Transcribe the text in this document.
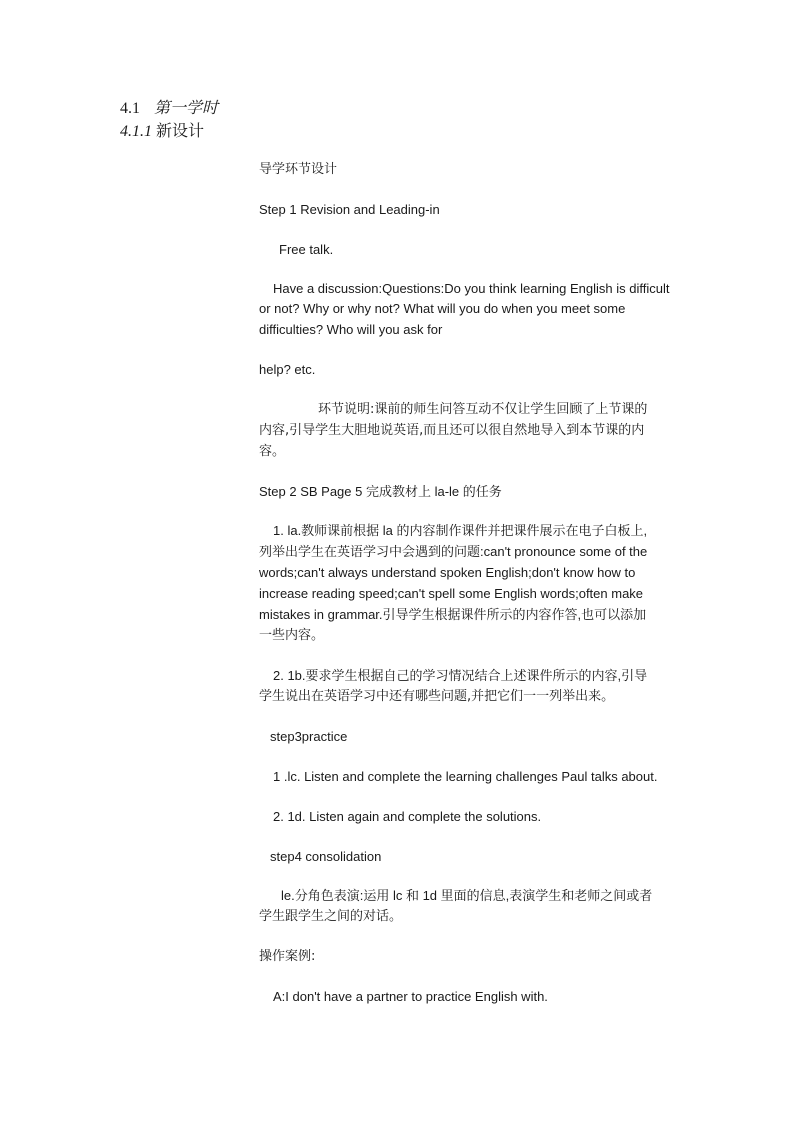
4.1 第一学时
4.1.1 新设计
导学环节设计
Step 1 Revision and Leading-in
Free talk.
Have a discussion:Questions:Do you think learning English is difficult
or not? Why or why not? What will you do when you meet some
difficulties? Who will you ask for
help? etc.
环节说明:课前的师生问答互动不仅让学生回顾了上节课的
内容,引导学生大胆地说英语,而且还可以很自然地导入到本节课的内
容。
Step 2 SB Page 5 完成教材上 la-le 的任务
1. la.教师课前根据 la 的内容制作课件并把课件展示在电子白板上,
列举出学生在英语学习中会遇到的问题:can't pronounce some of the
words;can't always understand spoken English;don't know how to
increase reading speed;can't spell some English words;often make
mistakes in grammar.引导学生根据课件所示的内容作答,也可以添加
一些内容。
2. 1b.要求学生根据自己的学习情况结合上述课件所示的内容,引导
学生说出在英语学习中还有哪些问题,并把它们一一列举出来。
step3practice
1 .lc. Listen and complete the learning challenges Paul talks about.
2. 1d. Listen again and complete the solutions.
step4 consolidation
le.分角色表演:运用 lc 和 1d 里面的信息,表演学生和老师之间或者
学生跟学生之间的对话。
操作案例:
A:I don't have a partner to practice English with.
